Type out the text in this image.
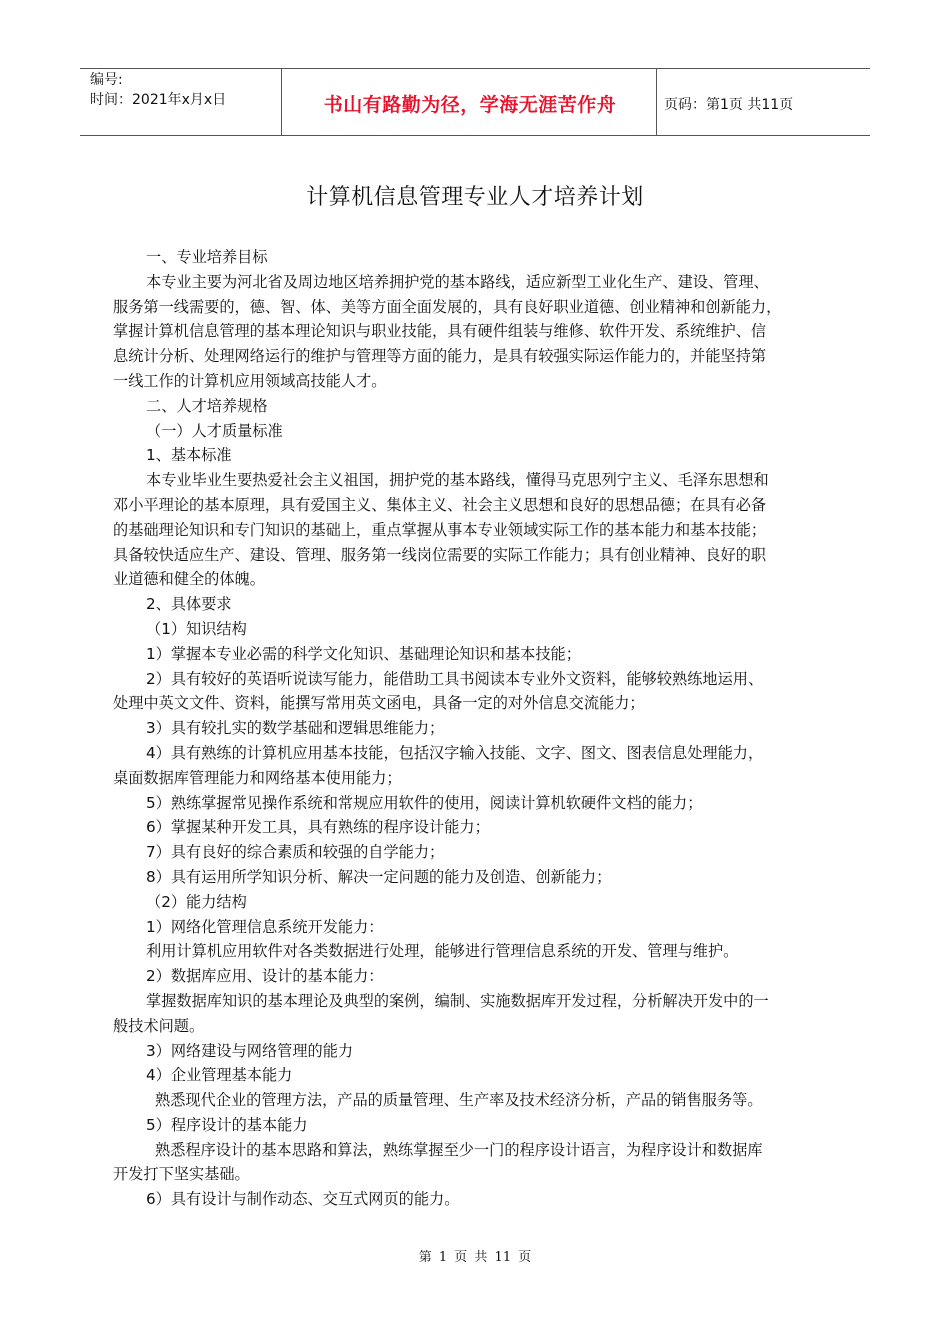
编号:
时间：2021年x月x日	书山有路勤为径，学海无涯苦作舟	页码：第1页 共11页
计算机信息管理专业人才培养计划

一、专业培养目标

本专业主要为河北省及周边地区培养拥护党的基本路线，适应新型工业化生产、建设、管理、

服务第一线需要的，德、智、体、美等方面全面发展的，具有良好职业道德、创业精神和创新能力，

掌握计算机信息管理的基本理论知识与职业技能，具有硬件组装与维修、软件开发、系统维护、信

息统计分析、处理网络运行的维护与管理等方面的能力，是具有较强实际运作能力的，并能坚持第

一线工作的计算机应用领域高技能人才。

二、人才培养规格

（一）人才质量标准

1、基本标准

本专业毕业生要热爱社会主义祖国，拥护党的基本路线，懂得马克思列宁主义、毛泽东思想和

邓小平理论的基本原理，具有爱国主义、集体主义、社会主义思想和良好的思想品德；在具有必备

的基础理论知识和专门知识的基础上，重点掌握从事本专业领域实际工作的基本能力和基本技能；

具备较快适应生产、建设、管理、服务第一线岗位需要的实际工作能力；具有创业精神、良好的职

业道德和健全的体魄。

2、具体要求

（1）知识结构

1）掌握本专业必需的科学文化知识、基础理论知识和基本技能；

2）具有较好的英语听说读写能力，能借助工具书阅读本专业外文资料，能够较熟练地运用、

处理中英文文件、资料，能撰写常用英文函电，具备一定的对外信息交流能力；

3）具有较扎实的数学基础和逻辑思维能力；

4）具有熟练的计算机应用基本技能，包括汉字输入技能、文字、图文、图表信息处理能力，

桌面数据库管理能力和网络基本使用能力；

5）熟练掌握常见操作系统和常规应用软件的使用，阅读计算机软硬件文档的能力；

6）掌握某种开发工具，具有熟练的程序设计能力；

7）具有良好的综合素质和较强的自学能力；

8）具有运用所学知识分析、解决一定问题的能力及创造、创新能力；

（2）能力结构

1）网络化管理信息系统开发能力：

利用计算机应用软件对各类数据进行处理，能够进行管理信息系统的开发、管理与维护。

2）数据库应用、设计的基本能力：

掌握数据库知识的基本理论及典型的案例，编制、实施数据库开发过程，分析解决开发中的一

般技术问题。

3）网络建设与网络管理的能力

4）企业管理基本能力

熟悉现代企业的管理方法，产品的质量管理、生产率及技术经济分析，产品的销售服务等。

5）程序设计的基本能力

熟悉程序设计的基本思路和算法，熟练掌握至少一门的程序设计语言，为程序设计和数据库

开发打下坚实基础。

6）具有设计与制作动态、交互式网页的能力。

第 1 页 共 11 页
